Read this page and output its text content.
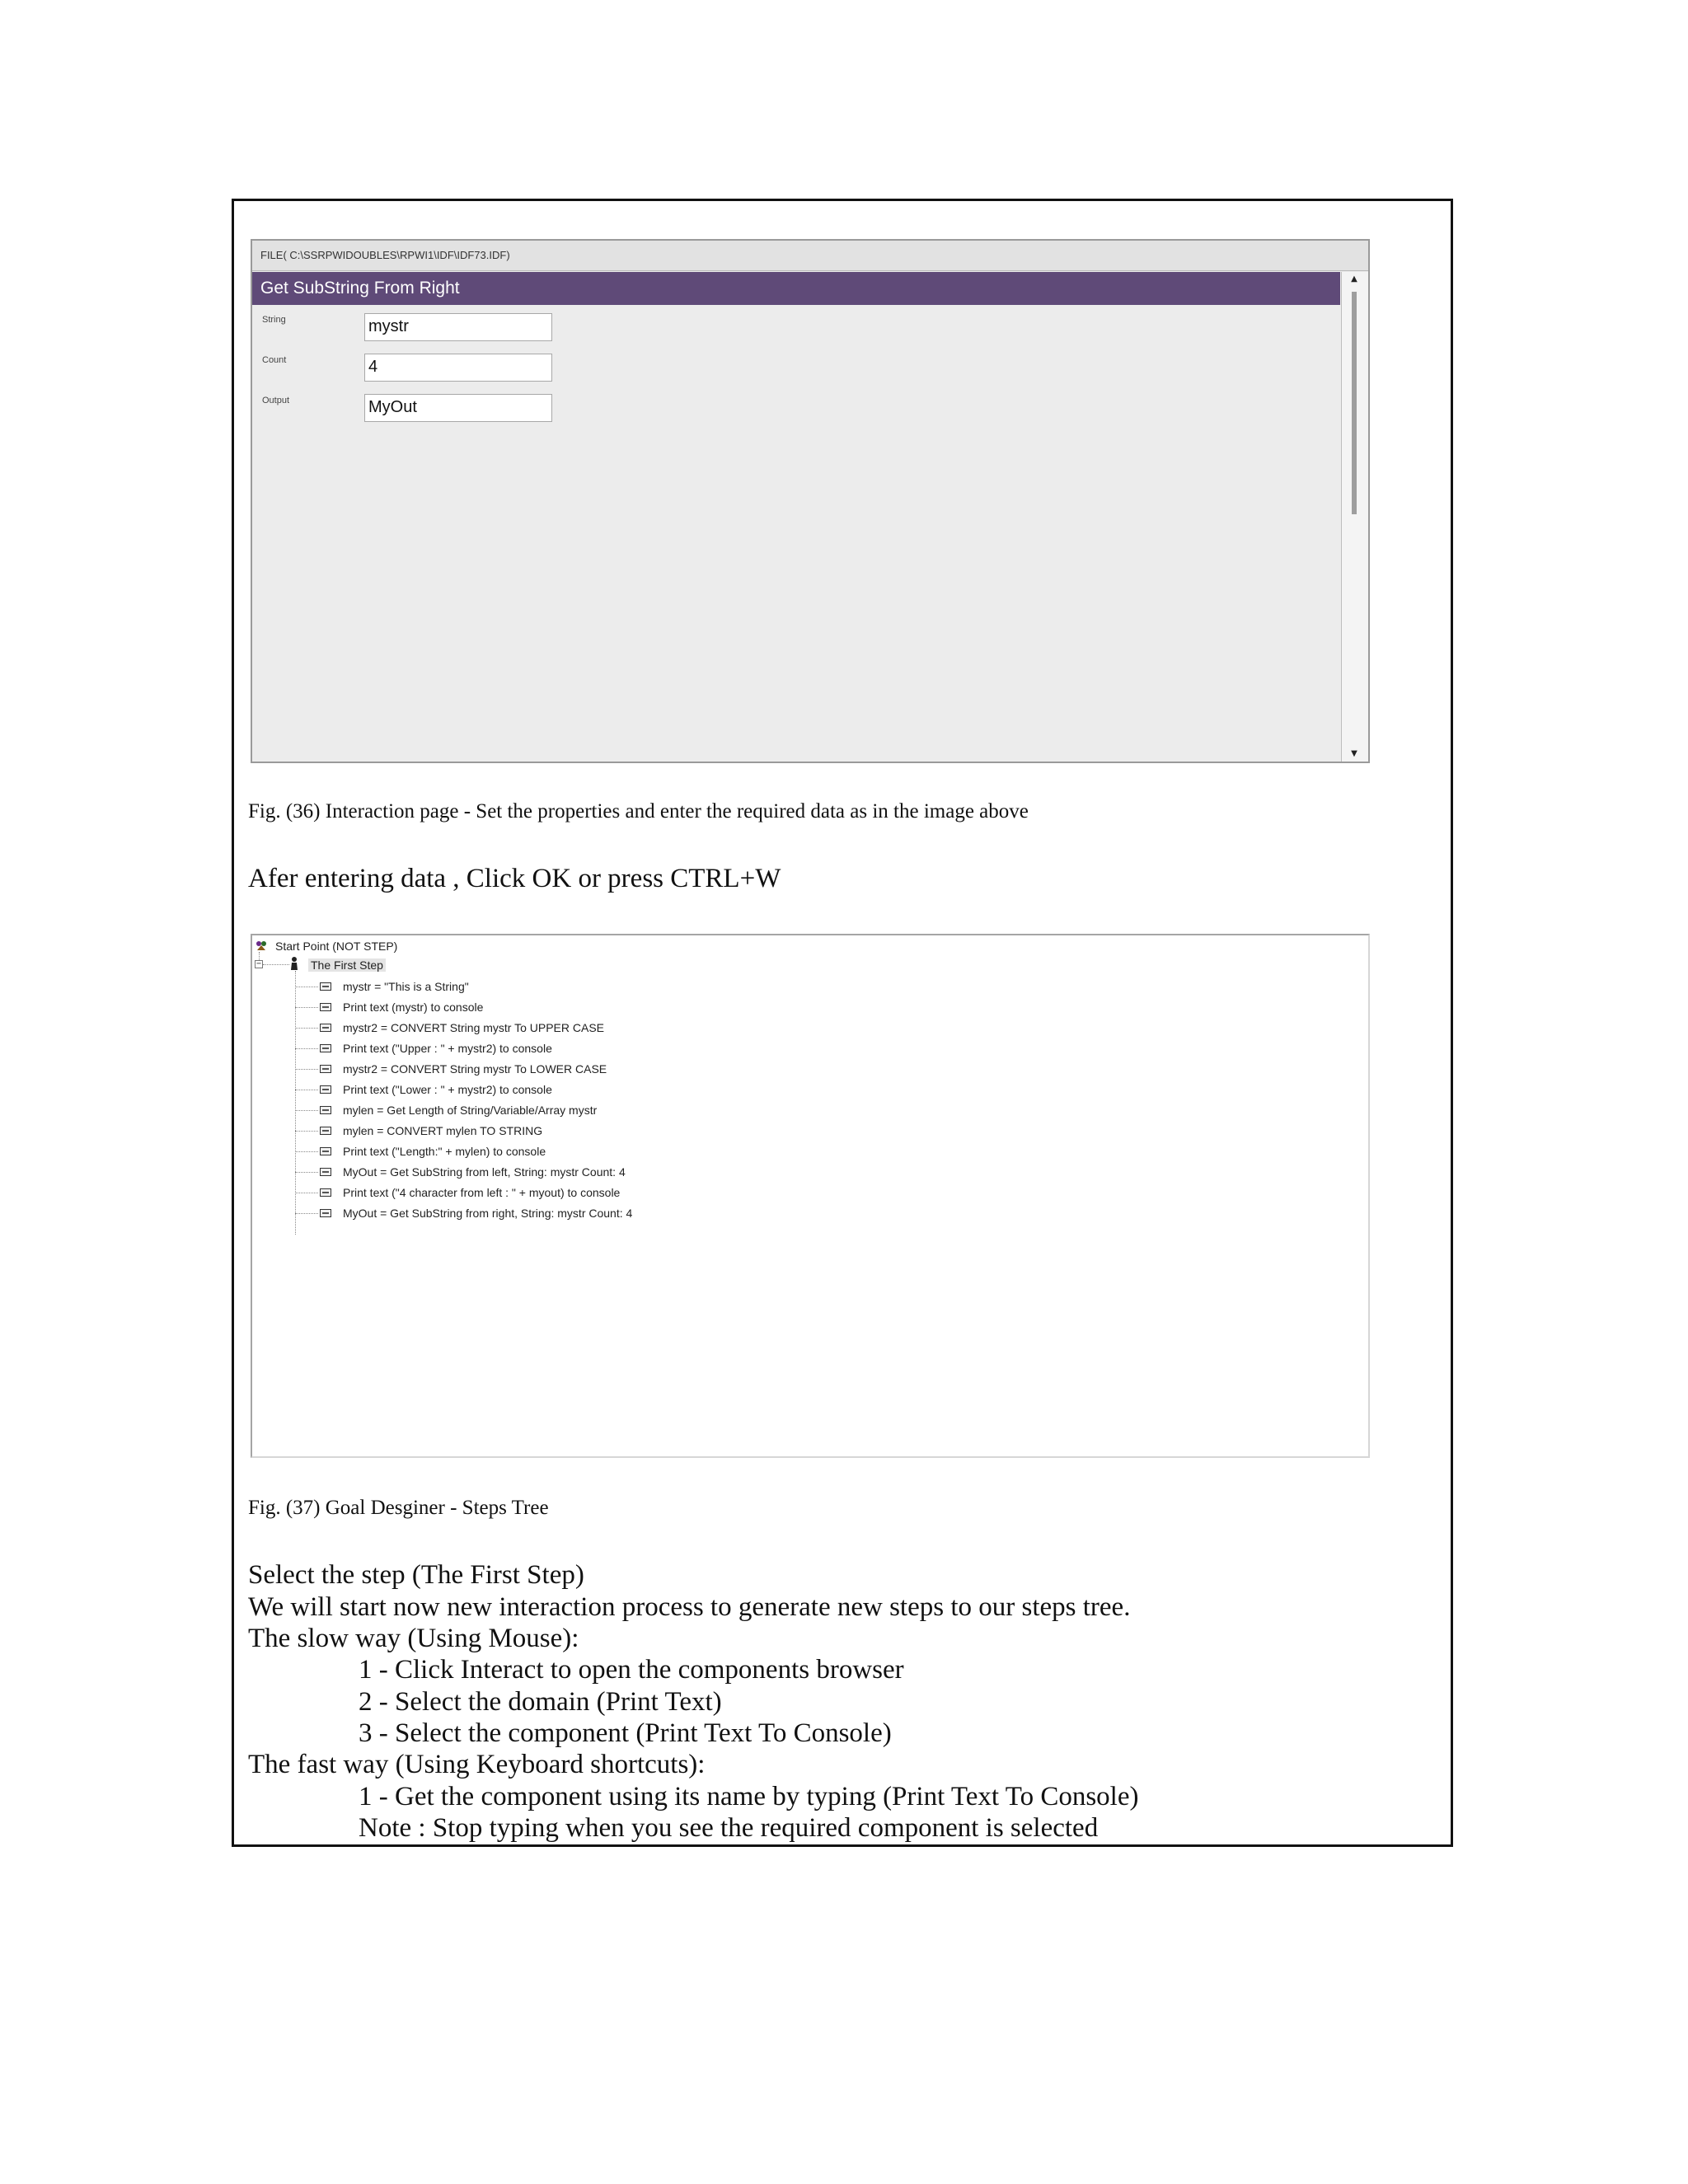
FILE( C:\SSRPWIDOUBLES\RPWI1\IDF\IDF73.IDF)
Get SubString From Right
String	mystr
Count	4
Output	MyOut
▲
▼
Fig. (36) Interaction page - Set the properties and enter the required data as in the image above
Afer entering data , Click OK or press CTRL+W
Start Point (NOT STEP)
−	The First Step
mystr = "This is a String"
Print text (mystr) to console
mystr2 = CONVERT String mystr To UPPER CASE
Print text ("Upper : " + mystr2) to console
mystr2 = CONVERT String mystr To LOWER CASE
Print text ("Lower : " + mystr2) to console
mylen = Get Length of String/Variable/Array mystr
mylen = CONVERT mylen TO STRING
Print text ("Length:" + mylen) to console
MyOut = Get SubString from left, String: mystr Count: 4
Print text ("4 character from left : " + myout) to console
MyOut = Get SubString from right, String: mystr Count: 4
Fig. (37) Goal Desginer - Steps Tree
Select the step (The First Step)
We will start now new interaction process to generate new steps to our steps tree.
The slow way (Using Mouse):
1 - Click Interact to open the components browser
2 - Select the domain (Print Text)
3 - Select the component (Print Text To Console)
The fast way (Using Keyboard shortcuts):
1 - Get the component using its name by typing (Print Text To Console)
Note : Stop typing when you see the required component is selected
